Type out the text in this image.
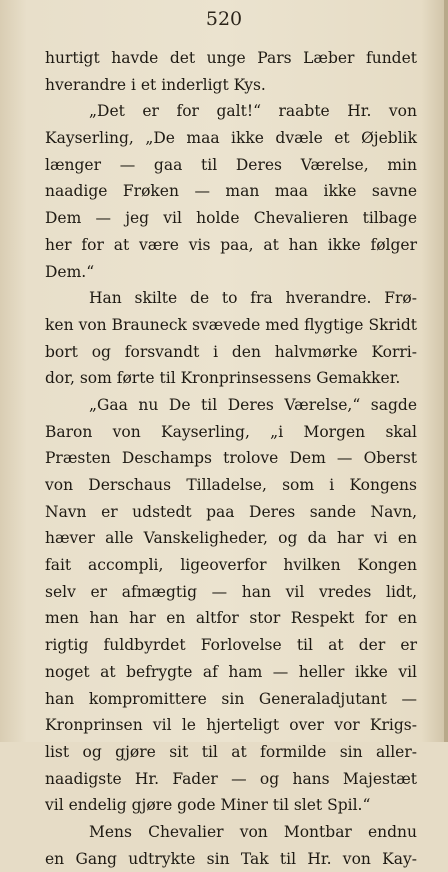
520
hurtigt havde det unge Pars Læber fundet
hverandre i et inderligt Kys.
„Det er for galt!“ raabte Hr. von
Kayserling, „De maa ikke dvæle et Øjeblik
længer — gaa til Deres Værelse, min
naadige Frøken — man maa ikke savne
Dem — jeg vil holde Chevalieren tilbage
her for at være vis paa, at han ikke følger
Dem.“
Han skilte de to fra hverandre. Frø-
ken von Brauneck svævede med flygtige Skridt
bort og forsvandt i den halvmørke Korri-
dor, som førte til Kronprinsessens Gemakker.
„Gaa nu De til Deres Værelse,“ sagde
Baron von Kayserling, „i Morgen skal
Præsten Deschamps trolove Dem — Oberst
von Derschaus Tilladelse, som i Kongens
Navn er udstedt paa Deres sande Navn,
hæver alle Vanskeligheder, og da har vi en
fait accompli, ligeoverfor hvilken Kongen
selv er afmægtig — han vil vredes lidt,
men han har en altfor stor Respekt for en
rigtig fuldbyrdet Forlovelse til at der er
noget at befrygte af ham — heller ikke vil
han kompromittere sin Generaladjutant —
Kronprinsen vil le hjerteligt over vor Krigs-
list og gjøre sit til at formilde sin aller-
naadigste Hr. Fader — og hans Majestæt
vil endelig gjøre gode Miner til slet Spil.“
Mens Chevalier von Montbar endnu
en Gang udtrykte sin Tak til Hr. von Kay-
